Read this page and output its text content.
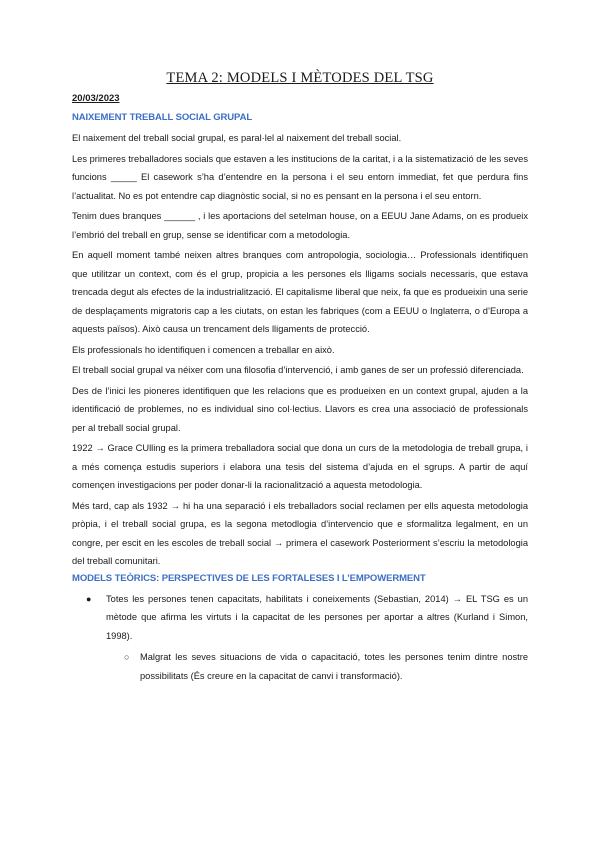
TEMA 2: MODELS I MÈTODES DEL TSG
20/03/2023
NAIXEMENT TREBALL SOCIAL GRUPAL

El naixement del treball social grupal, es paral·lel al naixement del treball social.

Les primeres treballadores socials que estaven a les institucions de la caritat, i a la sistematizació de les seves funcions _____ El casework s’ha d’entendre en la persona i el seu entorn immediat, fet que perdura fins l’actualitat. No es pot entendre cap diagnòstic social, si no es pensant en la persona i el seu entorn.

Tenim dues branques ______ , i les aportacions del setelman house, on a EEUU Jane Adams, on es produeix l’embrió del treball en grup, sense se identificar com a metodologia.

En aquell moment també neixen altres branques com antropologia, sociologia… Professionals identifiquen que utilitzar un context, com és el grup, propicia a les persones els lligams socials necessaris, que estava trencada degut als efectes de la industrialització. El capitalisme liberal que neix, fa que es produeixin una serie de desplaçaments migratoris cap a les ciutats, on estan les fabriques (com a EEUU o Inglaterra, o d’Europa a aquests països). Això causa un trencament dels lligaments de protecció.

Els professionals ho identifiquen i comencen a treballar en això.

El treball social grupal va néixer com una filosofia d’intervenció, i amb ganes de ser un professió diferenciada.

Des de l’inici les pioneres identifiquen que les relacions que es produeixen en un context grupal, ajuden a la identificació de problemes, no es individual sino col·lectius. Llavors es crea una associació de professionals per al treball social grupal.

1922 → Grace CUlling es la primera treballadora social que dona un curs de la metodologia de treball grupa, i a més comença estudis superiors i elabora una tesis del sistema d’ajuda en el sgrups. A partir de aquí començen investigacions per poder donar-li la racionalització a aquesta metodologia.

Més tard, cap als 1932 → hi ha una separació i els treballadors social reclamen per ells aquesta metodologia pròpia, i el treball social grupa, es la segona metodlogia d’intervencio que e sformalitza legalment, en un congre, per escit en les escoles de treball social → primera el casework Posteriorment s’escriu la metodologia del treball comunitari.

MODELS TEÒRICS: PERSPECTIVES DE LES FORTALESES I L’EMPOWERMENT
● Totes les persones tenen capacitats, habilitats i coneixements (Sebastian, 2014) → EL TSG es un mètode que afirma les virtuts i la capacitat de les persones per aportar a altres (Kurland i Simon, 1998).
○ Malgrat les seves situacions de vida o capacitació, totes les persones tenim dintre nostre possibilitats (És creure en la capacitat de canvi i transformació).
